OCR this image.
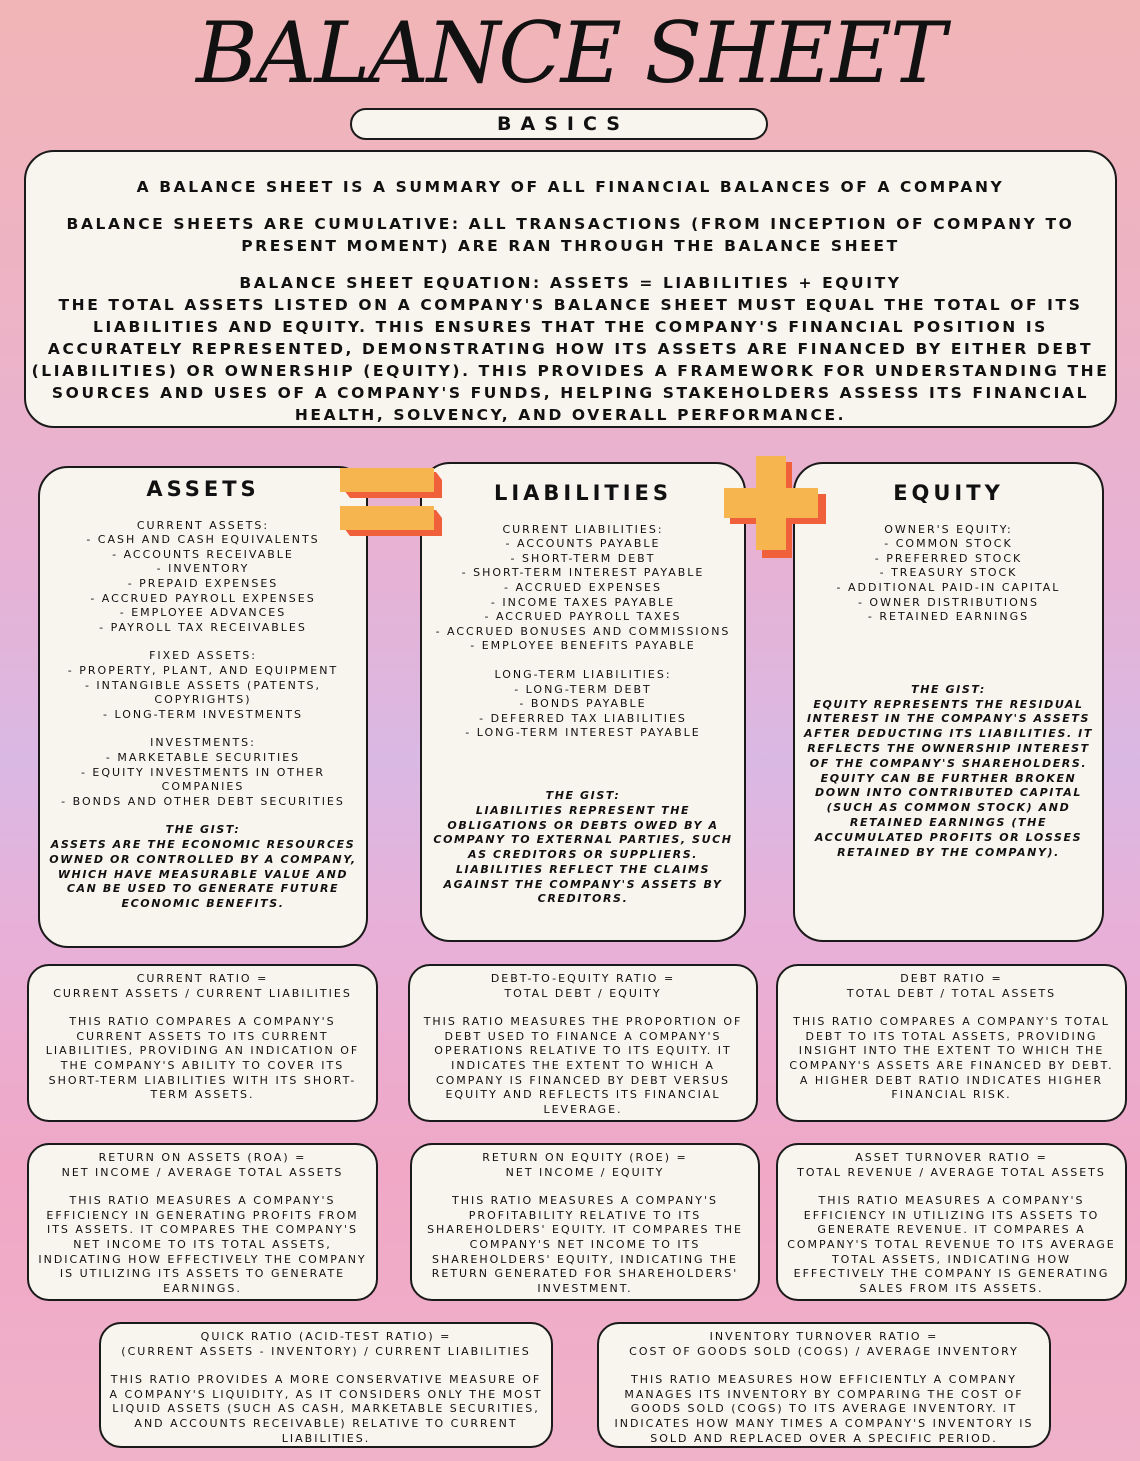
BALANCE SHEET
BASICS

A BALANCE SHEET IS A SUMMARY OF ALL FINANCIAL BALANCES OF A COMPANY

BALANCE SHEETS ARE CUMULATIVE: ALL TRANSACTIONS (FROM INCEPTION OF COMPANY TO PRESENT MOMENT) ARE RAN THROUGH THE BALANCE SHEET

BALANCE SHEET EQUATION: ASSETS = LIABILITIES + EQUITY

THE TOTAL ASSETS LISTED ON A COMPANY'S BALANCE SHEET MUST EQUAL THE TOTAL OF ITS LIABILITIES AND EQUITY. THIS ENSURES THAT THE COMPANY'S FINANCIAL POSITION IS ACCURATELY REPRESENTED, DEMONSTRATING HOW ITS ASSETS ARE FINANCED BY EITHER DEBT (LIABILITIES) OR OWNERSHIP (EQUITY). THIS PROVIDES A FRAMEWORK FOR UNDERSTANDING THE SOURCES AND USES OF A COMPANY'S FUNDS, HELPING STAKEHOLDERS ASSESS ITS FINANCIAL HEALTH, SOLVENCY, AND OVERALL PERFORMANCE.

ASSETS
CURRENT ASSETS:
- CASH AND CASH EQUIVALENTS
- ACCOUNTS RECEIVABLE
- INVENTORY
- PREPAID EXPENSES
- ACCRUED PAYROLL EXPENSES
- EMPLOYEE ADVANCES
- PAYROLL TAX RECEIVABLES
FIXED ASSETS:
- PROPERTY, PLANT, AND EQUIPMENT
- INTANGIBLE ASSETS (PATENTS, COPYRIGHTS)
- LONG-TERM INVESTMENTS
INVESTMENTS:
- MARKETABLE SECURITIES
- EQUITY INVESTMENTS IN OTHER COMPANIES
- BONDS AND OTHER DEBT SECURITIES
THE GIST:
ASSETS ARE THE ECONOMIC RESOURCES OWNED OR CONTROLLED BY A COMPANY, WHICH HAVE MEASURABLE VALUE AND CAN BE USED TO GENERATE FUTURE ECONOMIC BENEFITS.
LIABILITIES
CURRENT LIABILITIES:
- ACCOUNTS PAYABLE
- SHORT-TERM DEBT
- SHORT-TERM INTEREST PAYABLE
- ACCRUED EXPENSES
- INCOME TAXES PAYABLE
- ACCRUED PAYROLL TAXES
- ACCRUED BONUSES AND COMMISSIONS
- EMPLOYEE BENEFITS PAYABLE
LONG-TERM LIABILITIES:
- LONG-TERM DEBT
- BONDS PAYABLE
- DEFERRED TAX LIABILITIES
- LONG-TERM INTEREST PAYABLE
THE GIST:
LIABILITIES REPRESENT THE OBLIGATIONS OR DEBTS OWED BY A COMPANY TO EXTERNAL PARTIES, SUCH AS CREDITORS OR SUPPLIERS. LIABILITIES REFLECT THE CLAIMS AGAINST THE COMPANY'S ASSETS BY CREDITORS.
EQUITY
OWNER'S EQUITY:
- COMMON STOCK
- PREFERRED STOCK
- TREASURY STOCK
- ADDITIONAL PAID-IN CAPITAL
- OWNER DISTRIBUTIONS
- RETAINED EARNINGS
THE GIST:
EQUITY REPRESENTS THE RESIDUAL INTEREST IN THE COMPANY'S ASSETS AFTER DEDUCTING ITS LIABILITIES. IT REFLECTS THE OWNERSHIP INTEREST OF THE COMPANY'S SHAREHOLDERS. EQUITY CAN BE FURTHER BROKEN DOWN INTO CONTRIBUTED CAPITAL (SUCH AS COMMON STOCK) AND RETAINED EARNINGS (THE ACCUMULATED PROFITS OR LOSSES RETAINED BY THE COMPANY).
CURRENT RATIO =
CURRENT ASSETS / CURRENT LIABILITIES
THIS RATIO COMPARES A COMPANY'S CURRENT ASSETS TO ITS CURRENT LIABILITIES, PROVIDING AN INDICATION OF THE COMPANY'S ABILITY TO COVER ITS SHORT-TERM LIABILITIES WITH ITS SHORT-TERM ASSETS.
DEBT-TO-EQUITY RATIO =
TOTAL DEBT / EQUITY
THIS RATIO MEASURES THE PROPORTION OF DEBT USED TO FINANCE A COMPANY'S OPERATIONS RELATIVE TO ITS EQUITY. IT INDICATES THE EXTENT TO WHICH A COMPANY IS FINANCED BY DEBT VERSUS EQUITY AND REFLECTS ITS FINANCIAL LEVERAGE.
DEBT RATIO =
TOTAL DEBT / TOTAL ASSETS
THIS RATIO COMPARES A COMPANY'S TOTAL DEBT TO ITS TOTAL ASSETS, PROVIDING INSIGHT INTO THE EXTENT TO WHICH THE COMPANY'S ASSETS ARE FINANCED BY DEBT. A HIGHER DEBT RATIO INDICATES HIGHER FINANCIAL RISK.
RETURN ON ASSETS (ROA) =
NET INCOME / AVERAGE TOTAL ASSETS
THIS RATIO MEASURES A COMPANY'S EFFICIENCY IN GENERATING PROFITS FROM ITS ASSETS. IT COMPARES THE COMPANY'S NET INCOME TO ITS TOTAL ASSETS, INDICATING HOW EFFECTIVELY THE COMPANY IS UTILIZING ITS ASSETS TO GENERATE EARNINGS.
RETURN ON EQUITY (ROE) =
NET INCOME / EQUITY
THIS RATIO MEASURES A COMPANY'S PROFITABILITY RELATIVE TO ITS SHAREHOLDERS' EQUITY. IT COMPARES THE COMPANY'S NET INCOME TO ITS SHAREHOLDERS' EQUITY, INDICATING THE RETURN GENERATED FOR SHAREHOLDERS' INVESTMENT.
ASSET TURNOVER RATIO =
TOTAL REVENUE / AVERAGE TOTAL ASSETS
THIS RATIO MEASURES A COMPANY'S EFFICIENCY IN UTILIZING ITS ASSETS TO GENERATE REVENUE. IT COMPARES A COMPANY'S TOTAL REVENUE TO ITS AVERAGE TOTAL ASSETS, INDICATING HOW EFFECTIVELY THE COMPANY IS GENERATING SALES FROM ITS ASSETS.
QUICK RATIO (ACID-TEST RATIO) =
(CURRENT ASSETS - INVENTORY) / CURRENT LIABILITIES
THIS RATIO PROVIDES A MORE CONSERVATIVE MEASURE OF A COMPANY'S LIQUIDITY, AS IT CONSIDERS ONLY THE MOST LIQUID ASSETS (SUCH AS CASH, MARKETABLE SECURITIES, AND ACCOUNTS RECEIVABLE) RELATIVE TO CURRENT LIABILITIES.
INVENTORY TURNOVER RATIO =
COST OF GOODS SOLD (COGS) / AVERAGE INVENTORY
THIS RATIO MEASURES HOW EFFICIENTLY A COMPANY MANAGES ITS INVENTORY BY COMPARING THE COST OF GOODS SOLD (COGS) TO ITS AVERAGE INVENTORY. IT INDICATES HOW MANY TIMES A COMPANY'S INVENTORY IS SOLD AND REPLACED OVER A SPECIFIC PERIOD.
